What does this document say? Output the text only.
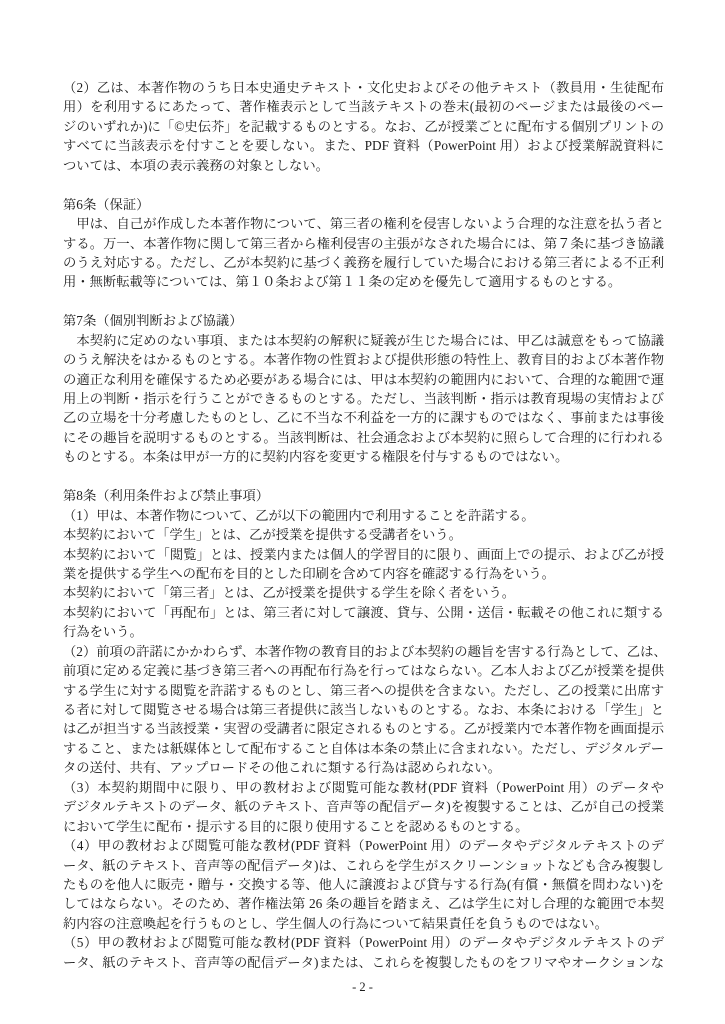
（2）乙は、本著作物のうち日本史通史テキスト・文化史およびその他テキスト（教員用・生徒配布
用）を利用するにあたって、著作権表示として当該テキストの巻末(最初のページまたは最後のペー
ジのいずれか)に「©史伝芥」を記載するものとする。なお、乙が授業ごとに配布する個別プリントの
すべてに当該表示を付すことを要しない。また、PDF 資料（PowerPoint 用）および授業解説資料に
ついては、本項の表示義務の対象としない。
第6条（保証）
　甲は、自己が作成した本著作物について、第三者の権利を侵害しないよう合理的な注意を払う者と
する。万一、本著作物に関して第三者から権利侵害の主張がなされた場合には、第７条に基づき協議
のうえ対応する。ただし、乙が本契約に基づく義務を履行していた場合における第三者による不正利
用・無断転載等については、第１０条および第１１条の定めを優先して適用するものとする。
第7条（個別判断および協議）
　本契約に定めのない事項、または本契約の解釈に疑義が生じた場合には、甲乙は誠意をもって協議
のうえ解決をはかるものとする。本著作物の性質および提供形態の特性上、教育目的および本著作物
の適正な利用を確保するため必要がある場合には、甲は本契約の範囲内において、合理的な範囲で運
用上の判断・指示を行うことができるものとする。ただし、当該判断・指示は教育現場の実情および
乙の立場を十分考慮したものとし、乙に不当な不利益を一方的に課すものではなく、事前または事後
にその趣旨を説明するものとする。当該判断は、社会通念および本契約に照らして合理的に行われる
ものとする。本条は甲が一方的に契約内容を変更する権限を付与するものではない。
第8条（利用条件および禁止事項）
（1）甲は、本著作物について、乙が以下の範囲内で利用することを許諾する。
本契約において「学生」とは、乙が授業を提供する受講者をいう。
本契約において「閲覧」とは、授業内または個人的学習目的に限り、画面上での提示、および乙が授
業を提供する学生への配布を目的とした印刷を含めて内容を確認する行為をいう。
本契約において「第三者」とは、乙が授業を提供する学生を除く者をいう。
本契約において「再配布」とは、第三者に対して譲渡、貸与、公開・送信・転載その他これに類する
行為をいう。
（2）前項の許諾にかかわらず、本著作物の教育目的および本契約の趣旨を害する行為として、乙は、
前項に定める定義に基づき第三者への再配布行為を行ってはならない。乙本人および乙が授業を提供
する学生に対する閲覧を許諾するものとし、第三者への提供を含まない。ただし、乙の授業に出席す
る者に対して閲覧させる場合は第三者提供に該当しないものとする。なお、本条における「学生」と
は乙が担当する当該授業・実習の受講者に限定されるものとする。乙が授業内で本著作物を画面提示
すること、または紙媒体として配布すること自体は本条の禁止に含まれない。ただし、デジタルデー
タの送付、共有、アップロードその他これに類する行為は認められない。
（3）本契約期間中に限り、甲の教材および閲覧可能な教材(PDF 資料（PowerPoint 用）のデータや
デジタルテキストのデータ、紙のテキスト、音声等の配信データ)を複製することは、乙が自己の授業
において学生に配布・提示する目的に限り使用することを認めるものとする。
（4）甲の教材および閲覧可能な教材(PDF 資料（PowerPoint 用）のデータやデジタルテキストのデ
ータ、紙のテキスト、音声等の配信データ)は、これらを学生がスクリーンショットなども含み複製し
たものを他人に販売・贈与・交換する等、他人に譲渡および貸与する行為(有償・無償を問わない)を
してはならない。そのため、著作権法第 26 条の趣旨を踏まえ、乙は学生に対し合理的な範囲で本契
約内容の注意喚起を行うものとし、学生個人の行為について結果責任を負うものではない。
（5）甲の教材および閲覧可能な教材(PDF 資料（PowerPoint 用）のデータやデジタルテキストのデ
ータ、紙のテキスト、音声等の配信データ)または、これらを複製したものをフリマやオークションな
- 2 -
